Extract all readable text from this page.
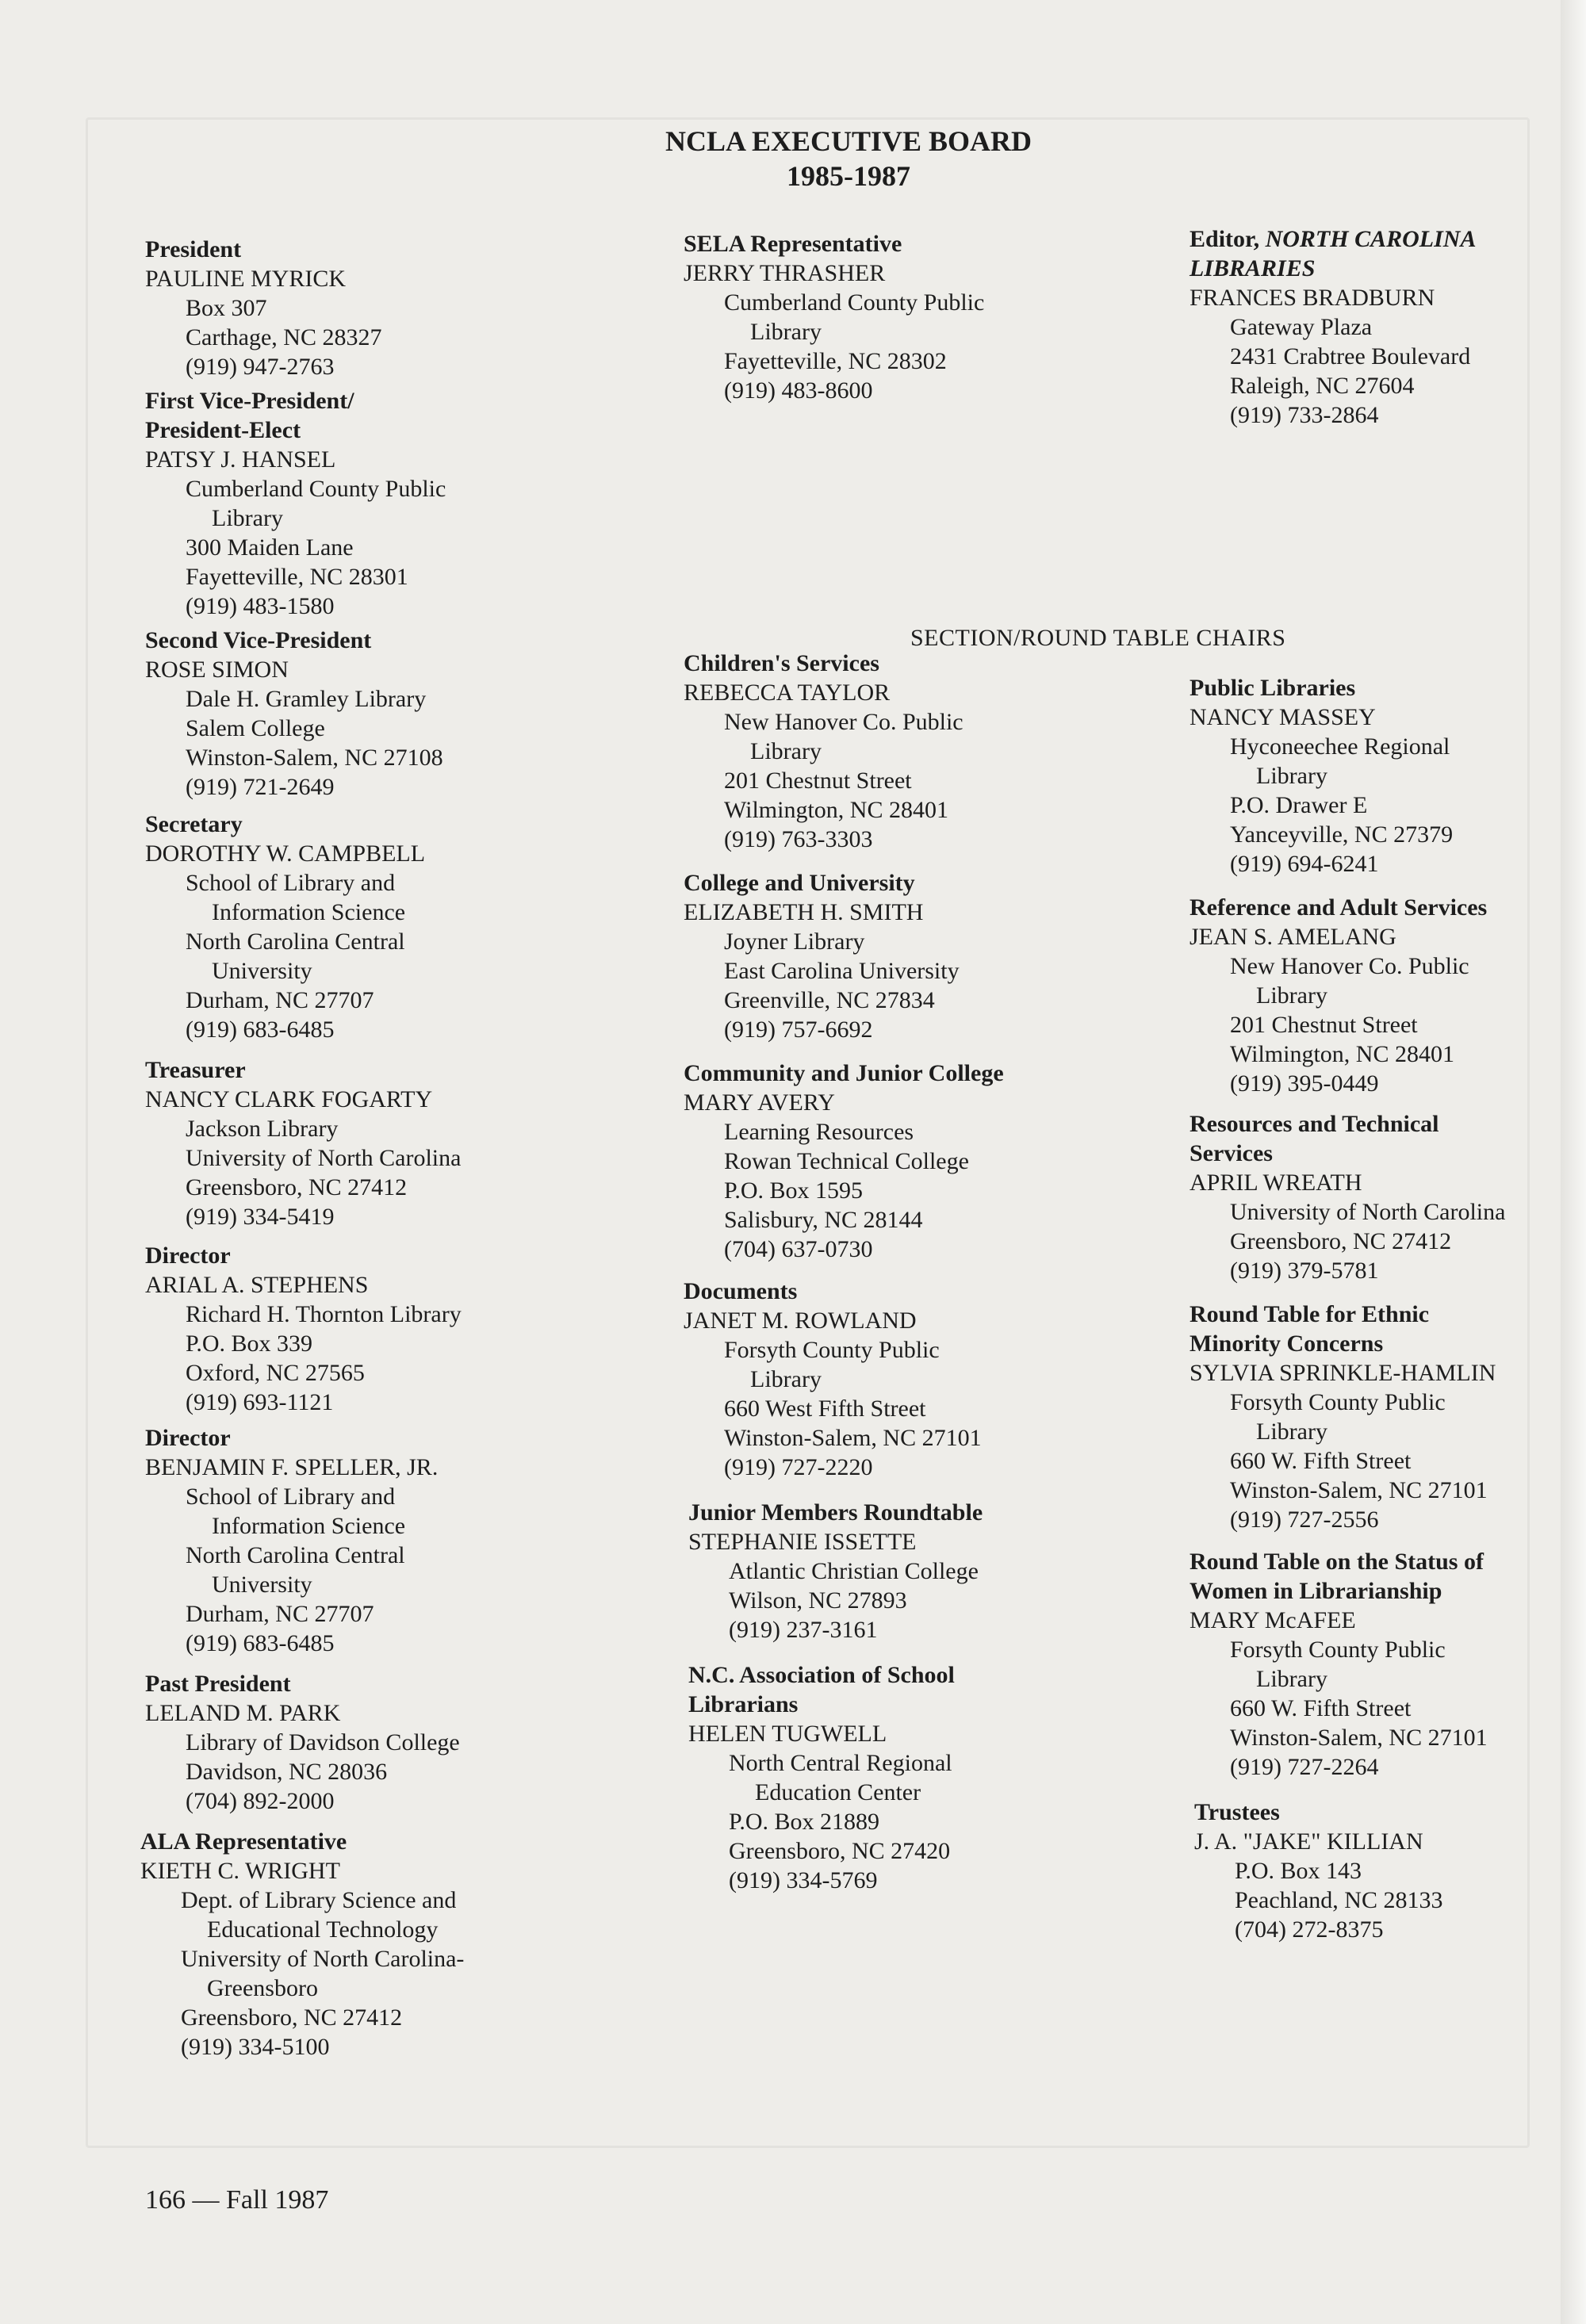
NCLA EXECUTIVE BOARD
1985-1987
SECTION/ROUND TABLE CHAIRS
President
PAULINE MYRICK
Box 307
Carthage, NC 28327
(919) 947-2763
First Vice-President/
President-Elect
PATSY J. HANSEL
Cumberland County Public
Library
300 Maiden Lane
Fayetteville, NC 28301
(919) 483-1580
Second Vice-President
ROSE SIMON
Dale H. Gramley Library
Salem College
Winston-Salem, NC 27108
(919) 721-2649
Secretary
DOROTHY W. CAMPBELL
School of Library and
Information Science
North Carolina Central
University
Durham, NC 27707
(919) 683-6485
Treasurer
NANCY CLARK FOGARTY
Jackson Library
University of North Carolina
Greensboro, NC 27412
(919) 334-5419
Director
ARIAL A. STEPHENS
Richard H. Thornton Library
P.O. Box 339
Oxford, NC 27565
(919) 693-1121
Director
BENJAMIN F. SPELLER, JR.
School of Library and
Information Science
North Carolina Central
University
Durham, NC 27707
(919) 683-6485
Past President
LELAND M. PARK
Library of Davidson College
Davidson, NC 28036
(704) 892-2000
ALA Representative
KIETH C. WRIGHT
Dept. of Library Science and
Educational Technology
University of North Carolina-
Greensboro
Greensboro, NC 27412
(919) 334-5100
SELA Representative
JERRY THRASHER
Cumberland County Public
Library
Fayetteville, NC 28302
(919) 483-8600
Children's Services
REBECCA TAYLOR
New Hanover Co. Public
Library
201 Chestnut Street
Wilmington, NC 28401
(919) 763-3303
College and University
ELIZABETH H. SMITH
Joyner Library
East Carolina University
Greenville, NC 27834
(919) 757-6692
Community and Junior College
MARY AVERY
Learning Resources
Rowan Technical College
P.O. Box 1595
Salisbury, NC 28144
(704) 637-0730
Documents
JANET M. ROWLAND
Forsyth County Public
Library
660 West Fifth Street
Winston-Salem, NC 27101
(919) 727-2220
Junior Members Roundtable
STEPHANIE ISSETTE
Atlantic Christian College
Wilson, NC 27893
(919) 237-3161
N.C. Association of School
Librarians
HELEN TUGWELL
North Central Regional
Education Center
P.O. Box 21889
Greensboro, NC 27420
(919) 334-5769
Editor, NORTH CAROLINA
LIBRARIES
FRANCES BRADBURN
Gateway Plaza
2431 Crabtree Boulevard
Raleigh, NC 27604
(919) 733-2864
Public Libraries
NANCY MASSEY
Hyconeechee Regional
Library
P.O. Drawer E
Yanceyville, NC 27379
(919) 694-6241
Reference and Adult Services
JEAN S. AMELANG
New Hanover Co. Public
Library
201 Chestnut Street
Wilmington, NC 28401
(919) 395-0449
Resources and Technical
Services
APRIL WREATH
University of North Carolina
Greensboro, NC 27412
(919) 379-5781
Round Table for Ethnic
Minority Concerns
SYLVIA SPRINKLE-HAMLIN
Forsyth County Public
Library
660 W. Fifth Street
Winston-Salem, NC 27101
(919) 727-2556
Round Table on the Status of
Women in Librarianship
MARY McAFEE
Forsyth County Public
Library
660 W. Fifth Street
Winston-Salem, NC 27101
(919) 727-2264
Trustees
J. A. "JAKE" KILLIAN
P.O. Box 143
Peachland, NC 28133
(704) 272-8375
166 — Fall 1987
